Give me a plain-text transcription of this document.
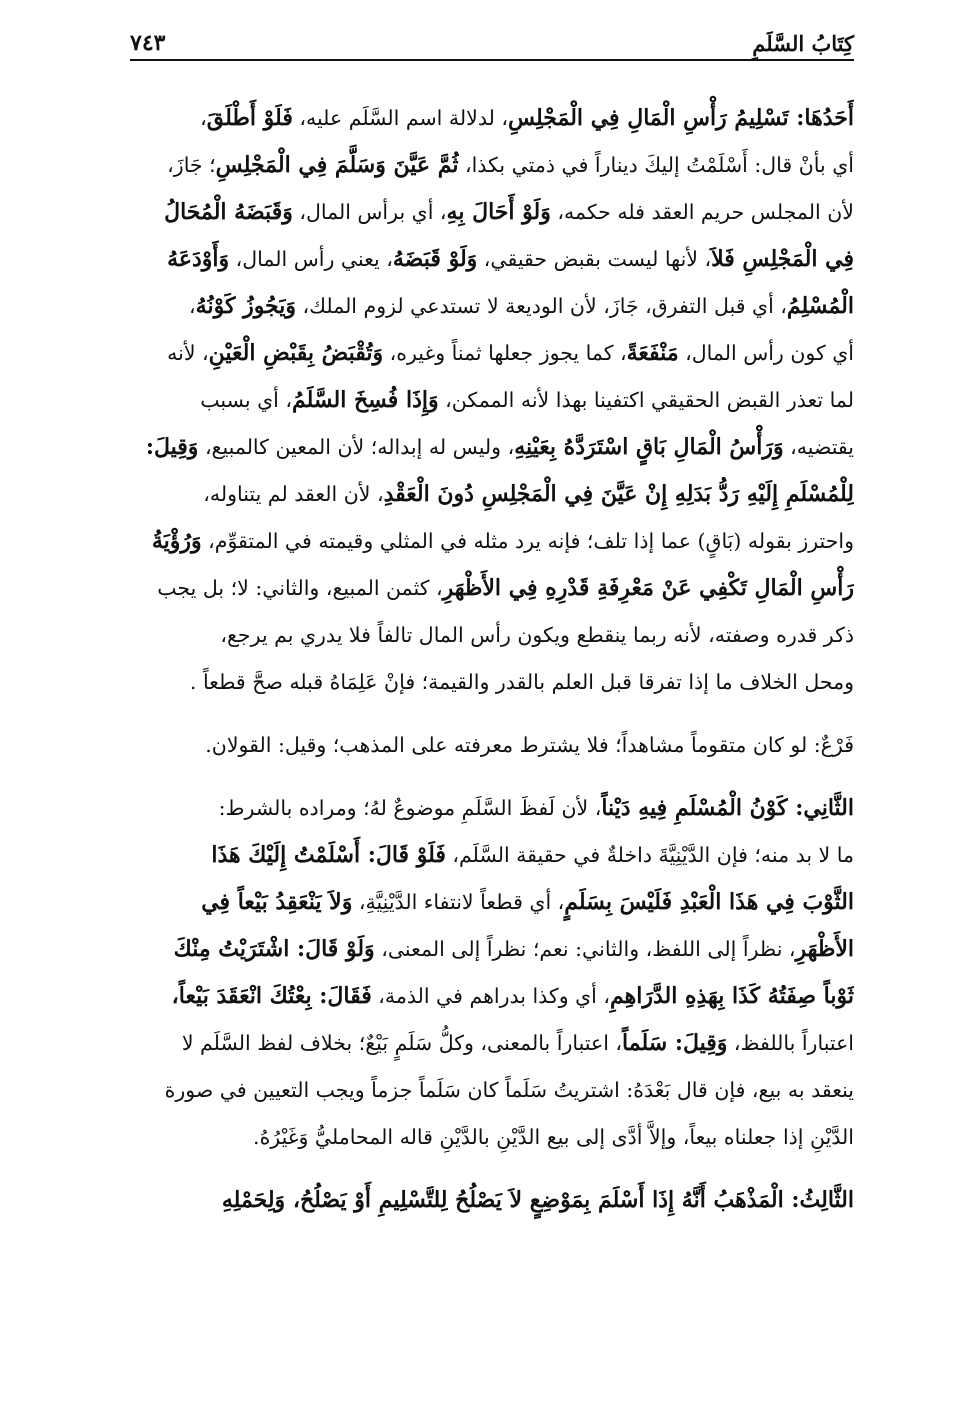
كِتَابُ السَّلَمِ
٧٤٣
أَحَدُهَا: تَسْلِيمُ رَأْسِ الْمَالِ فِي الْمَجْلِسِ، لدلالة اسم السَّلَم عليه، فَلَوْ أَطْلَقَ،
أي بأنْ قال: أَسْلَمْتُ إليكَ ديناراً في ذمتي بكذا، ثُمَّ عَيَّنَ وَسَلَّمَ فِي الْمَجْلِسِ؛ جَازَ،
لأن المجلس حريم العقد فله حكمه، وَلَوْ أَحَالَ بِهِ، أي برأس المال، وَقَبَضَهُ الْمُحَالُ
فِي الْمَجْلِسِ فَلاَ، لأنها ليست بقبض حقيقي، وَلَوْ قَبَضَهُ، يعني رأس المال، وَأَوْدَعَهُ
الْمُسْلِمُ، أي قبل التفرق، جَازَ، لأن الوديعة لا تستدعي لزوم الملك، وَيَجُوزُ كَوْنُهُ،
أي كون رأس المال، مَنْفَعَةً، كما يجوز جعلها ثمناً وغيره، وَتُقْبَضُ بِقَبْضِ الْعَيْنِ، لأنه
لما تعذر القبض الحقيقي اكتفينا بهذا لأنه الممكن، وَإِذَا فُسِخَ السَّلَمُ، أي بسبب
يقتضيه، وَرَأْسُ الْمَالِ بَاقٍ اسْتَرَدَّهُ بِعَيْنِهِ، وليس له إبداله؛ لأن المعين كالمبيع، وَقِيلَ:
لِلْمُسْلَمِ إِلَيْهِ رَدُّ بَدَلِهِ إِنْ عَيَّنَ فِي الْمَجْلِسِ دُونَ الْعَقْدِ، لأن العقد لم يتناوله،
واحترز بقوله (بَاقٍ) عما إذا تلف؛ فإنه يرد مثله في المثلي وقيمته في المتقوِّم، وَرُؤْيَةُ
رَأْسِ الْمَالِ تَكْفِي عَنْ مَعْرِفَةِ قَدْرِهِ فِي الأَظْهَرِ، كثمن المبيع، والثاني: لا؛ بل يجب
ذكر قدره وصفته، لأنه ربما ينقطع ويكون رأس المال تالفاً فلا يدري بم يرجع،
ومحل الخلاف ما إذا تفرقا قبل العلم بالقدر والقيمة؛ فإنْ عَلِمَاهُ قبله صحَّ قطعاً .
فَرْعٌ: لو كان متقوماً مشاهداً؛ فلا يشترط معرفته على المذهب؛ وقيل: القولان.
الثَّانِي: كَوْنُ الْمُسْلَمِ فِيهِ دَيْناً، لأن لَفظَ السَّلَمِ موضوعٌ لهُ؛ ومراده بالشرط:
ما لا بد منه؛ فإن الدَّيْنِيَّةَ داخلةٌ في حقيقة السَّلَم، فَلَوْ قَالَ: أَسْلَمْتُ إِلَيْكَ هَذَا
الثَّوْبَ فِي هَذَا الْعَبْدِ فَلَيْسَ بِسَلَمٍ، أي قطعاً لانتفاء الدَّيْنِيَّةِ، وَلاَ يَنْعَقِدُ بَيْعاً فِي
الأَظْهَرِ، نظراً إلى اللفظ، والثاني: نعم؛ نظراً إلى المعنى، وَلَوْ قَالَ: اشْتَرَيْتُ مِنْكَ
ثَوْباً صِفَتُهُ كَذَا بِهَذِهِ الدَّرَاهِمِ، أي وكذا بدراهم في الذمة، فَقَالَ: بِعْتُكَ انْعَقَدَ بَيْعاً،
اعتباراً باللفظ، وَقِيلَ: سَلَماً، اعتباراً بالمعنى، وكلُّ سَلَمٍ بَيْعٌ؛ بخلاف لفظ السَّلَم لا
ينعقد به بيع، فإن قال بَعْدَهُ: اشتريتُ سَلَماً كان سَلَماً جزماً ويجب التعيين في صورة
الدَّيْنِ إذا جعلناه بيعاً، وإلاَّ أدَّى إلى بيع الدَّيْنِ بالدَّيْنِ قاله المحامليُّ وَغَيْرُهُ.
الثَّالِثُ: الْمَذْهَبُ أَنَّهُ إِذَا أَسْلَمَ بِمَوْضِعٍ لاَ يَصْلُحُ لِلتَّسْلِيمِ أَوْ يَصْلُحُ، وَلِحَمْلِهِ
